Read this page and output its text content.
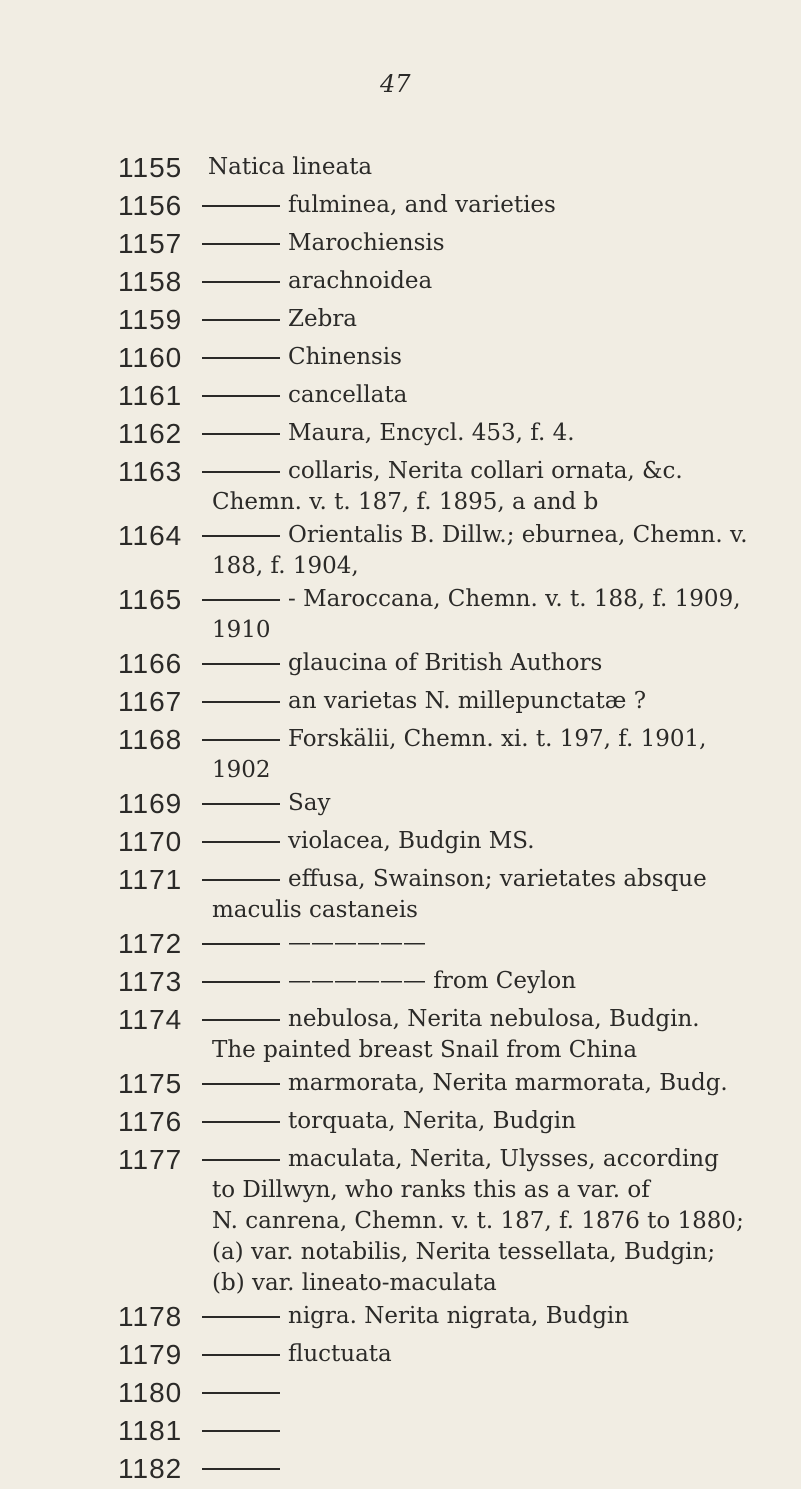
47
1155 Natica lineata
1156	fulminea, and varieties
1157	Marochiensis
1158	arachnoidea
1159	Zebra
1160	Chinensis
1161	cancellata
1162	Maura, Encycl. 453, f. 4.
1163	collaris, Nerita collari ornata, &c.
Chemn. v. t. 187, f. 1895, a and b
1164	Orientalis B. Dillw.; eburnea, Chemn. v.
188, f. 1904,
1165	- Maroccana, Chemn. v. t. 188, f. 1909,
1910
1166	glaucina of British Authors
1167	an varietas N. millepunctatæ ?
1168	Forskälii, Chemn. xi. t. 197, f. 1901,
1902
1169	Say
1170	violacea, Budgin MS.
1171	effusa, Swainson; varietates absque
maculis castaneis
1172	——————
1173	—————— from Ceylon
1174	nebulosa, Nerita nebulosa, Budgin.
The painted breast Snail from China
1175	marmorata, Nerita marmorata, Budg.
1176	torquata, Nerita, Budgin
1177	maculata, Nerita, Ulysses, according
to Dillwyn, who ranks this as a var. of
N. canrena, Chemn. v. t. 187, f. 1876 to 1880;
(a) var. notabilis, Nerita tessellata, Budgin;
(b) var. lineato-maculata
1178	nigra. Nerita nigrata, Budgin
1179	fluctuata
1180
1181
1182
